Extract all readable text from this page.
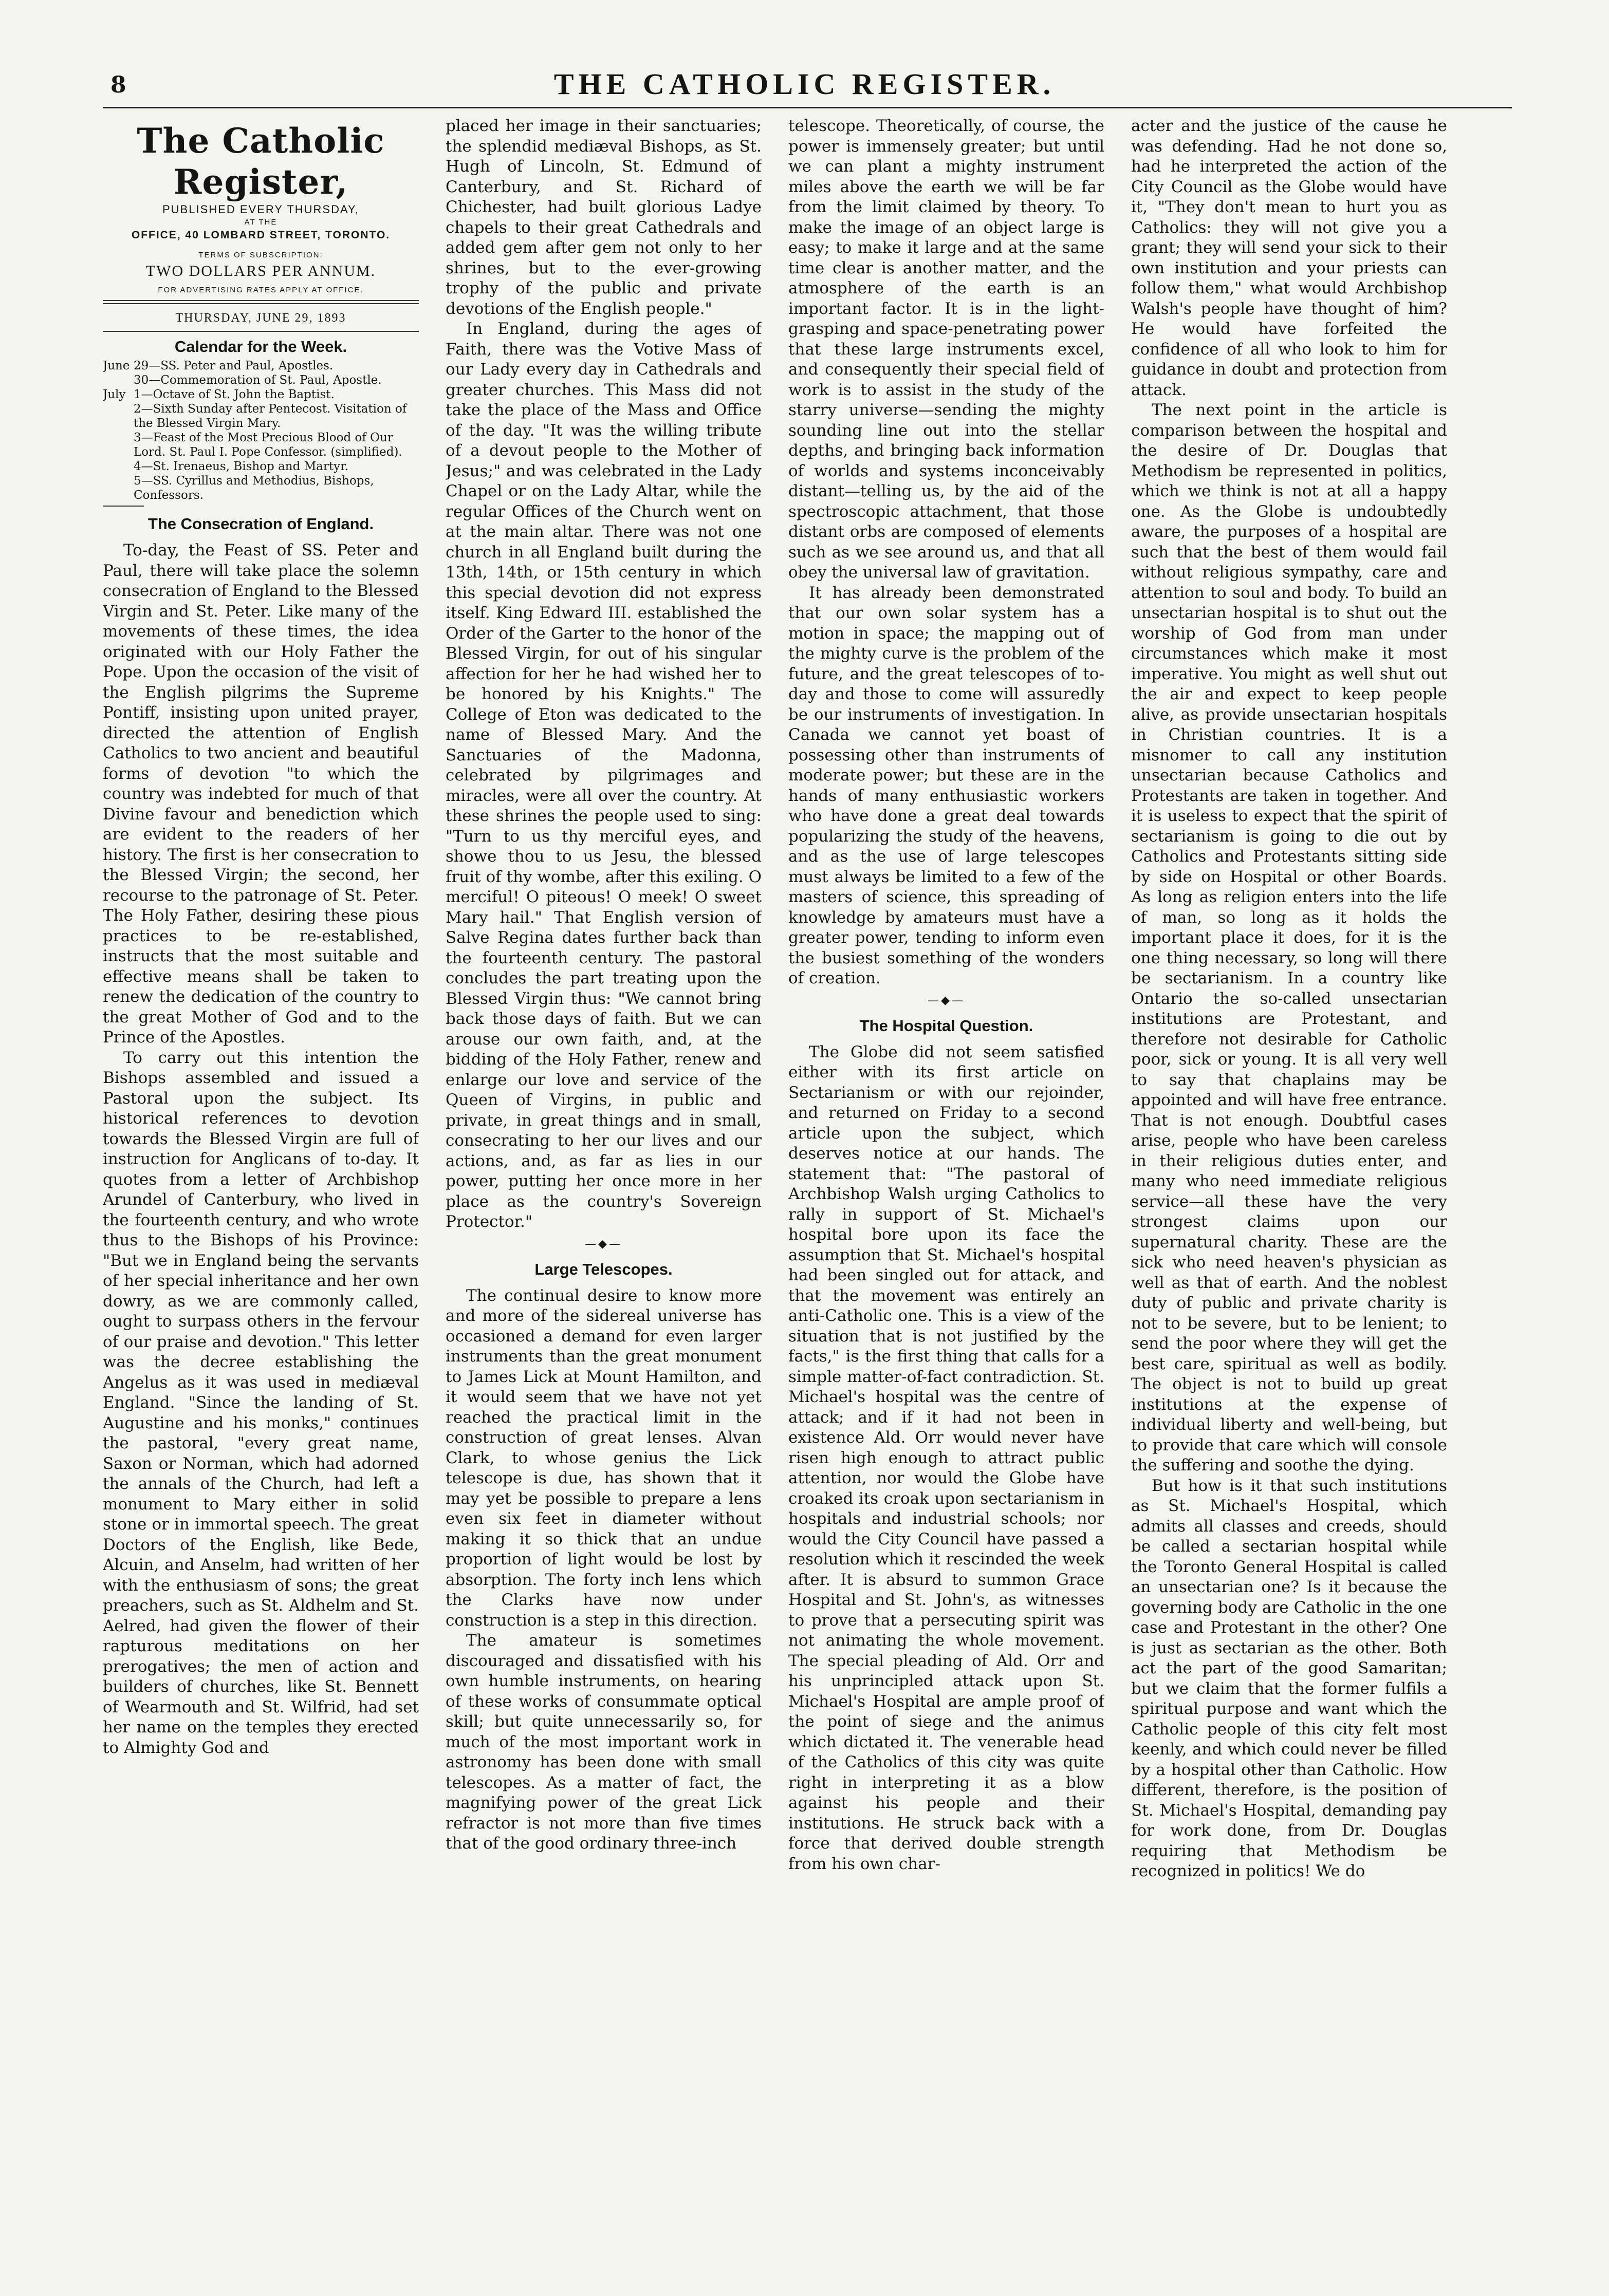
8	THE CATHOLIC REGISTER.
The Catholic Register,
PUBLISHED EVERY THURSDAY,
AT THE
OFFICE, 40 LOMBARD STREET, TORONTO.
TERMS OF SUBSCRIPTION:
TWO DOLLARS PER ANNUM.
FOR ADVERTISING RATES APPLY AT OFFICE.
THURSDAY, JUNE 29, 1893
Calendar for the Week.
June 29—SS. Peter and Paul, Apostles.
30—Commemoration of St. Paul, Apostle.
July 1—Octave of St. John the Baptist.
2—Sixth Sunday after Pentecost. Visitation of the Blessed Virgin Mary.
3—Feast of the Most Precious Blood of Our Lord. St. Paul I. Pope Confessor. (simplified).
4—St. Irenaeus, Bishop and Martyr.
5—SS. Cyrillus and Methodius, Bishops, Confessors.
The Consecration of England.

To-day, the Feast of SS. Peter and Paul, there will take place the solemn consecration of England to the Blessed Virgin and St. Peter. Like many of the movements of these times, the idea originated with our Holy Father the Pope. Upon the occasion of the visit of the English pilgrims the Supreme Pontiff, insisting upon united prayer, directed the attention of English Catholics to two ancient and beautiful forms of devotion "to which the country was indebted for much of that Divine favour and benediction which are evident to the readers of her history. The first is her consecration to the Blessed Virgin; the second, her recourse to the patronage of St. Peter. The Holy Father, desiring these pious practices to be re-established, instructs that the most suitable and effective means shall be taken to renew the dedication of the country to the great Mother of God and to the Prince of the Apostles.

To carry out this intention the Bishops assembled and issued a Pastoral upon the subject. Its historical references to devotion towards the Blessed Virgin are full of instruction for Anglicans of to-day. It quotes from a letter of Archbishop Arundel of Canterbury, who lived in the fourteenth century, and who wrote thus to the Bishops of his Province: "But we in England being the servants of her special inheritance and her own dowry, as we are commonly called, ought to surpass others in the fervour of our praise and devotion." This letter was the decree establishing the Angelus as it was used in mediæval England. "Since the landing of St. Augustine and his monks," continues the pastoral, "every great name, Saxon or Norman, which had adorned the annals of the Church, had left a monument to Mary either in solid stone or in immortal speech. The great Doctors of the English, like Bede, Alcuin, and Anselm, had written of her with the enthusiasm of sons; the great preachers, such as St. Aldhelm and St. Aelred, had given the flower of their rapturous meditations on her prerogatives; the men of action and builders of churches, like St. Bennett of Wearmouth and St. Wilfrid, had set her name on the temples they erected to Almighty God and

placed her image in their sanctuaries; the splendid mediæval Bishops, as St. Hugh of Lincoln, St. Edmund of Canterbury, and St. Richard of Chichester, had built glorious Ladye chapels to their great Cathedrals and added gem after gem not only to her shrines, but to the ever-growing trophy of the public and private devotions of the English people."

In England, during the ages of Faith, there was the Votive Mass of our Lady every day in Cathedrals and greater churches. This Mass did not take the place of the Mass and Office of the day. "It was the willing tribute of a devout people to the Mother of Jesus;" and was celebrated in the Lady Chapel or on the Lady Altar, while the regular Offices of the Church went on at the main altar. There was not one church in all England built during the 13th, 14th, or 15th century in which this special devotion did not express itself. King Edward III. established the Order of the Garter to the honor of the Blessed Virgin, for out of his singular affection for her he had wished her to be honored by his Knights." The College of Eton was dedicated to the name of Blessed Mary. And the Sanctuaries of the Madonna, celebrated by pilgrimages and miracles, were all over the country. At these shrines the people used to sing: "Turn to us thy merciful eyes, and showe thou to us Jesu, the blessed fruit of thy wombe, after this exiling. O merciful! O piteous! O meek! O sweet Mary hail." That English version of Salve Regina dates further back than the fourteenth century. The pastoral concludes the part treating upon the Blessed Virgin thus: "We cannot bring back those days of faith. But we can arouse our own faith, and, at the bidding of the Holy Father, renew and enlarge our love and service of the Queen of Virgins, in public and private, in great things and in small, consecrating to her our lives and our actions, and, as far as lies in our power, putting her once more in her place as the country's Sovereign Protector."

—◆—
Large Telescopes.

The continual desire to know more and more of the sidereal universe has occasioned a demand for even larger instruments than the great monument to James Lick at Mount Hamilton, and it would seem that we have not yet reached the practical limit in the construction of great lenses. Alvan Clark, to whose genius the Lick telescope is due, has shown that it may yet be possible to prepare a lens even six feet in diameter without making it so thick that an undue proportion of light would be lost by absorption. The forty inch lens which the Clarks have now under construction is a step in this direction.

The amateur is sometimes discouraged and dissatisfied with his own humble instruments, on hearing of these works of consummate optical skill; but quite unnecessarily so, for much of the most important work in astronomy has been done with small telescopes. As a matter of fact, the magnifying power of the great Lick refractor is not more than five times that of the good ordinary three-inch

telescope. Theoretically, of course, the power is immensely greater; but until we can plant a mighty instrument miles above the earth we will be far from the limit claimed by theory. To make the image of an object large is easy; to make it large and at the same time clear is another matter, and the atmosphere of the earth is an important factor. It is in the light-grasping and space-penetrating power that these large instruments excel, and consequently their special field of work is to assist in the study of the starry universe—sending the mighty sounding line out into the stellar depths, and bringing back information of worlds and systems inconceivably distant—telling us, by the aid of the spectroscopic attachment, that those distant orbs are composed of elements such as we see around us, and that all obey the universal law of gravitation.

It has already been demonstrated that our own solar system has a motion in space; the mapping out of the mighty curve is the problem of the future, and the great telescopes of to-day and those to come will assuredly be our instruments of investigation. In Canada we cannot yet boast of possessing other than instruments of moderate power; but these are in the hands of many enthusiastic workers who have done a great deal towards popularizing the study of the heavens, and as the use of large telescopes must always be limited to a few of the masters of science, this spreading of knowledge by amateurs must have a greater power, tending to inform even the busiest something of the wonders of creation.

—◆—
The Hospital Question.

The Globe did not seem satisfied either with its first article on Sectarianism or with our rejoinder, and returned on Friday to a second article upon the subject, which deserves notice at our hands. The statement that: "The pastoral of Archbishop Walsh urging Catholics to rally in support of St. Michael's hospital bore upon its face the assumption that St. Michael's hospital had been singled out for attack, and that the movement was entirely an anti-Catholic one. This is a view of the situation that is not justified by the facts," is the first thing that calls for a simple matter-of-fact contradiction. St. Michael's hospital was the centre of attack; and if it had not been in existence Ald. Orr would never have risen high enough to attract public attention, nor would the Globe have croaked its croak upon sectarianism in hospitals and industrial schools; nor would the City Council have passed a resolution which it rescinded the week after. It is absurd to summon Grace Hospital and St. John's, as witnesses to prove that a persecuting spirit was not animating the whole movement. The special pleading of Ald. Orr and his unprincipled attack upon St. Michael's Hospital are ample proof of the point of siege and the animus which dictated it. The venerable head of the Catholics of this city was quite right in interpreting it as a blow against his people and their institutions. He struck back with a force that derived double strength from his own char-

acter and the justice of the cause he was defending. Had he not done so, had he interpreted the action of the City Council as the Globe would have it, "They don't mean to hurt you as Catholics: they will not give you a grant; they will send your sick to their own institution and your priests can follow them," what would Archbishop Walsh's people have thought of him? He would have forfeited the confidence of all who look to him for guidance in doubt and protection from attack.

The next point in the article is comparison between the hospital and the desire of Dr. Douglas that Methodism be represented in politics, which we think is not at all a happy one. As the Globe is undoubtedly aware, the purposes of a hospital are such that the best of them would fail without religious sympathy, care and attention to soul and body. To build an unsectarian hospital is to shut out the worship of God from man under circumstances which make it most imperative. You might as well shut out the air and expect to keep people alive, as provide unsectarian hospitals in Christian countries. It is a misnomer to call any institution unsectarian because Catholics and Protestants are taken in together. And it is useless to expect that the spirit of sectarianism is going to die out by Catholics and Protestants sitting side by side on Hospital or other Boards. As long as religion enters into the life of man, so long as it holds the important place it does, for it is the one thing necessary, so long will there be sectarianism. In a country like Ontario the so-called unsectarian institutions are Protestant, and therefore not desirable for Catholic poor, sick or young. It is all very well to say that chaplains may be appointed and will have free entrance. That is not enough. Doubtful cases arise, people who have been careless in their religious duties enter, and many who need immediate religious service—all these have the very strongest claims upon our supernatural charity. These are the sick who need heaven's physician as well as that of earth. And the noblest duty of public and private charity is not to be severe, but to be lenient; to send the poor where they will get the best care, spiritual as well as bodily. The object is not to build up great institutions at the expense of individual liberty and well-being, but to provide that care which will console the suffering and soothe the dying.

But how is it that such institutions as St. Michael's Hospital, which admits all classes and creeds, should be called a sectarian hospital while the Toronto General Hospital is called an unsectarian one? Is it because the governing body are Catholic in the one case and Protestant in the other? One is just as sectarian as the other. Both act the part of the good Samaritan; but we claim that the former fulfils a spiritual purpose and want which the Catholic people of this city felt most keenly, and which could never be filled by a hospital other than Catholic. How different, therefore, is the position of St. Michael's Hospital, demanding pay for work done, from Dr. Douglas requiring that Methodism be recognized in politics! We do
